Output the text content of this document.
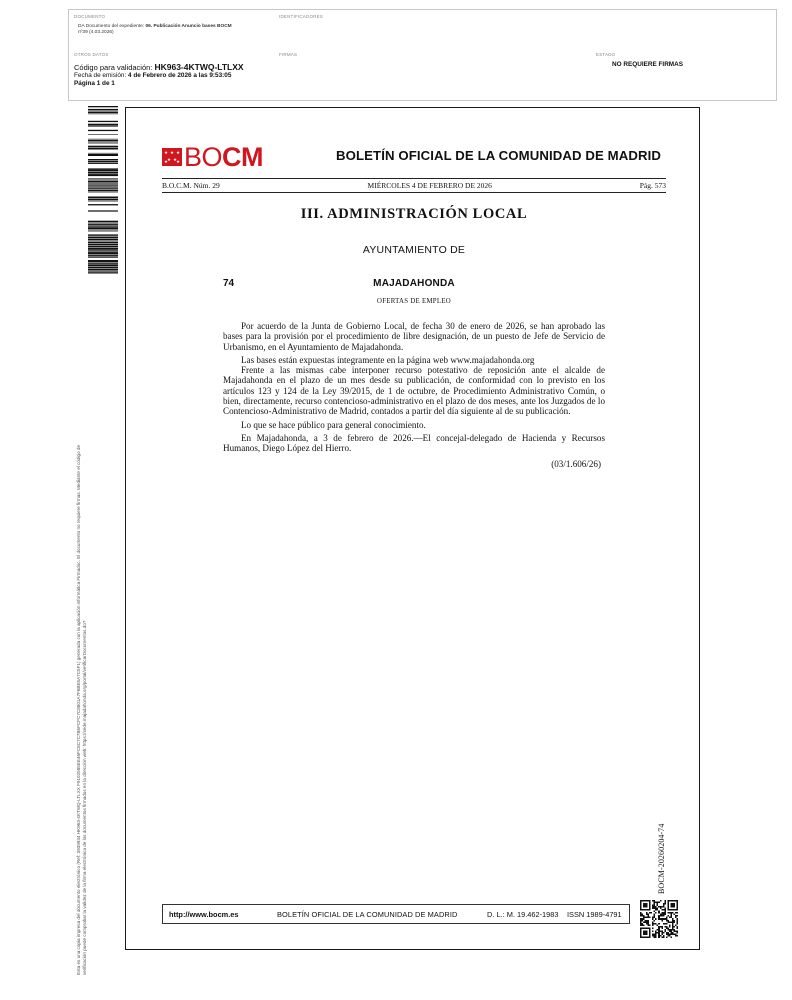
DOCUMENTO
DA Documento del expediente: 06. Publicación Anuncio bases BOCM
nº39 (4.03.2026)
IDENTIFICADORES
OTROS DATOS
Código para validación: HK963-4KTWQ-LTLXX
Fecha de emisión: 4 de Febrero de 2026 a las 9:53:05
Página 1 de 1
FIRMAS	ESTADO
NO REQUIERE FIRMAS
Esta es una copia impresa del documento electrónico (Ref: 3939934 HK963-4KTWQ-LTLXX F9102585EE46FC8C7C7B5FCFC7C8801A7F6BE5A7C5F1) generada con la aplicación informática Firmadoc. El documento no requiere firmas. Mediante el código de verificación puede comprobar la validez de la firma electrónica de los documentos firmados en la dirección web: https://sede.majadahonda.org/portal/verificarDocumentos.do?
★ ★ ★
★ ★
★ ★ BOCM	BOLETÍN OFICIAL DE LA COMUNIDAD DE MADRID
B.O.C.M. Núm. 29	MIÉRCOLES 4 DE FEBRERO DE 2026	Pág. 573
III. ADMINISTRACIÓN LOCAL
AYUNTAMIENTO DE
74	MAJADAHONDA
OFERTAS DE EMPLEO

Por acuerdo de la Junta de Gobierno Local, de fecha 30 de enero de 2026, se han aprobado las bases para la provisión por el procedimiento de libre designación, de un puesto de Jefe de Servicio de Urbanismo, en el Ayuntamiento de Majadahonda.

Las bases están expuestas íntegramente en la página web www.majadahonda.org

Frente a las mismas cabe interponer recurso potestativo de reposición ante el alcalde de Majadahonda en el plazo de un mes desde su publicación, de conformidad con lo previsto en los artículos 123 y 124 de la Ley 39/2015, de 1 de octubre, de Procedimiento Administrativo Común, o bien, directamente, recurso contencioso-administrativo en el plazo de dos meses, ante los Juzgados de lo Contencioso-Administrativo de Madrid, contados a partir del día siguiente al de su publicación.

Lo que se hace público para general conocimiento.

En Majadahonda, a 3 de febrero de 2026.—El concejal-delegado de Hacienda y Recursos Humanos, Diego López del Hierro.

(03/1.606/26)

BOCM-20260204-74
http://www.bocm.es	BOLETÍN OFICIAL DE LA COMUNIDAD DE MADRID	D. L.: M. 19.462-1983	ISSN 1989-4791
